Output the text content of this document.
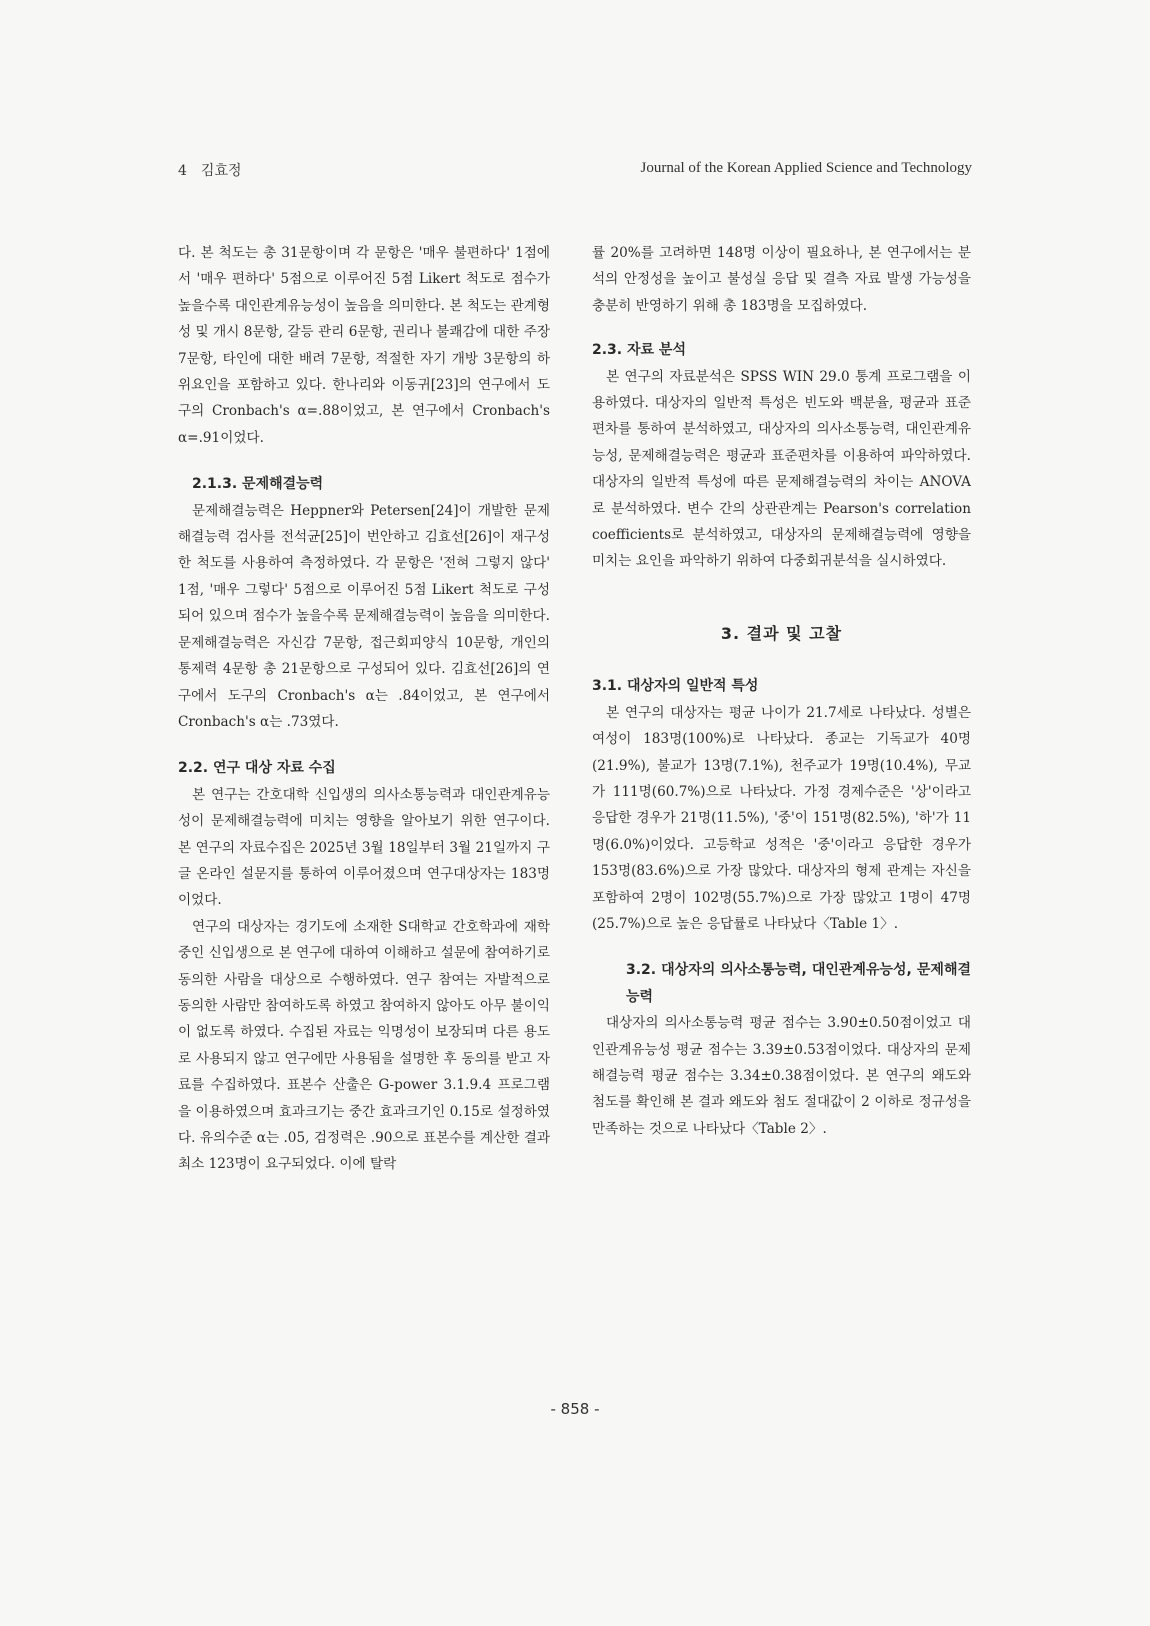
4 김효정	Journal of the Korean Applied Science and Technology

다. 본 척도는 총 31문항이며 각 문항은 '매우 불편하다' 1점에서 '매우 편하다' 5점으로 이루어진 5점 Likert 척도로 점수가 높을수록 대인관계유능성이 높음을 의미한다. 본 척도는 관계형성 및 개시 8문항, 갈등 관리 6문항, 권리나 불쾌감에 대한 주장 7문항, 타인에 대한 배려 7문항, 적절한 자기 개방 3문항의 하위요인을 포함하고 있다. 한나리와 이동귀[23]의 연구에서 도구의 Cronbach's α=.88이었고, 본 연구에서 Cronbach's α=.91이었다.

2.1.3. 문제해결능력

문제해결능력은 Heppner와 Petersen[24]이 개발한 문제해결능력 검사를 전석균[25]이 번안하고 김효선[26]이 재구성한 척도를 사용하여 측정하였다. 각 문항은 '전혀 그렇지 않다' 1점, '매우 그렇다' 5점으로 이루어진 5점 Likert 척도로 구성되어 있으며 점수가 높을수록 문제해결능력이 높음을 의미한다. 문제해결능력은 자신감 7문항, 접근회피양식 10문항, 개인의 통제력 4문항 총 21문항으로 구성되어 있다. 김효선[26]의 연구에서 도구의 Cronbach's α는 .84이었고, 본 연구에서 Cronbach's α는 .73였다.

2.2. 연구 대상 자료 수집

본 연구는 간호대학 신입생의 의사소통능력과 대인관계유능성이 문제해결능력에 미치는 영향을 알아보기 위한 연구이다. 본 연구의 자료수집은 2025년 3월 18일부터 3월 21일까지 구글 온라인 설문지를 통하여 이루어졌으며 연구대상자는 183명이었다.

연구의 대상자는 경기도에 소재한 S대학교 간호학과에 재학 중인 신입생으로 본 연구에 대하여 이해하고 설문에 참여하기로 동의한 사람을 대상으로 수행하였다. 연구 참여는 자발적으로 동의한 사람만 참여하도록 하였고 참여하지 않아도 아무 불이익이 없도록 하였다. 수집된 자료는 익명성이 보장되며 다른 용도로 사용되지 않고 연구에만 사용됨을 설명한 후 동의를 받고 자료를 수집하였다. 표본수 산출은 G-power 3.1.9.4 프로그램을 이용하였으며 효과크기는 중간 효과크기인 0.15로 설정하였다. 유의수준 α는 .05, 검정력은 .90으로 표본수를 계산한 결과 최소 123명이 요구되었다. 이에 탈락

률 20%를 고려하면 148명 이상이 필요하나, 본 연구에서는 분석의 안정성을 높이고 불성실 응답 및 결측 자료 발생 가능성을 충분히 반영하기 위해 총 183명을 모집하였다.

2.3. 자료 분석

본 연구의 자료분석은 SPSS WIN 29.0 통계 프로그램을 이용하였다. 대상자의 일반적 특성은 빈도와 백분율, 평균과 표준편차를 통하여 분석하였고, 대상자의 의사소통능력, 대인관계유능성, 문제해결능력은 평균과 표준편차를 이용하여 파악하였다. 대상자의 일반적 특성에 따른 문제해결능력의 차이는 ANOVA로 분석하였다. 변수 간의 상관관계는 Pearson's correlation coefficients로 분석하였고, 대상자의 문제해결능력에 영향을 미치는 요인을 파악하기 위하여 다중회귀분석을 실시하였다.

3. 결과 및 고찰

3.1. 대상자의 일반적 특성

본 연구의 대상자는 평균 나이가 21.7세로 나타났다. 성별은 여성이 183명(100%)로 나타났다. 종교는 기독교가 40명(21.9%), 불교가 13명(7.1%), 천주교가 19명(10.4%), 무교가 111명(60.7%)으로 나타났다. 가정 경제수준은 '상'이라고 응답한 경우가 21명(11.5%), '중'이 151명(82.5%), '하'가 11명(6.0%)이었다. 고등학교 성적은 '중'이라고 응답한 경우가 153명(83.6%)으로 가장 많았다. 대상자의 형제 관계는 자신을 포함하여 2명이 102명(55.7%)으로 가장 많았고 1명이 47명(25.7%)으로 높은 응답률로 나타났다〈Table 1〉.

3.2. 대상자의 의사소통능력, 대인관계유능성, 문제해결능력

대상자의 의사소통능력 평균 점수는 3.90±0.50점이었고 대인관계유능성 평균 점수는 3.39±0.53점이었다. 대상자의 문제해결능력 평균 점수는 3.34±0.38점이었다. 본 연구의 왜도와 첨도를 확인해 본 결과 왜도와 첨도 절대값이 2 이하로 정규성을 만족하는 것으로 나타났다〈Table 2〉.

- 858 -
